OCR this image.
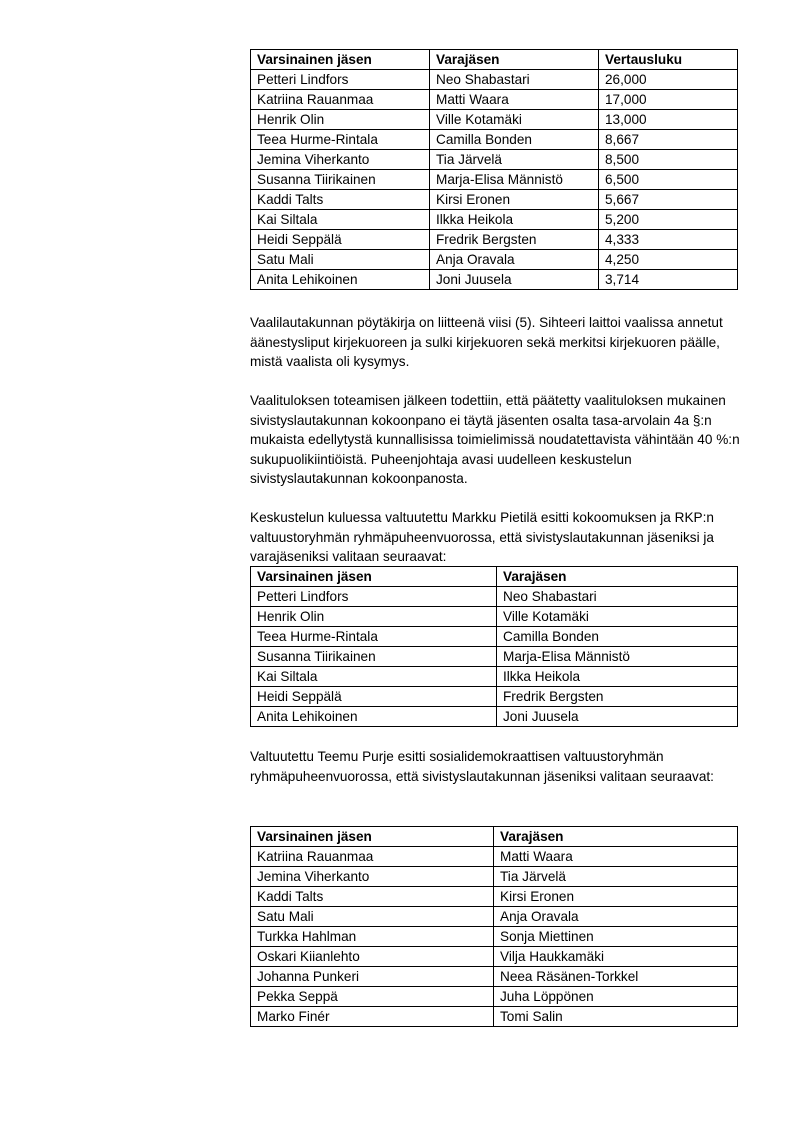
Varsinainen jäsen	Varajäsen	Vertausluku
Petteri Lindfors	Neo Shabastari	26,000
Katriina Rauanmaa	Matti Waara	17,000
Henrik Olin	Ville Kotamäki	13,000
Teea Hurme-Rintala	Camilla Bonden	8,667
Jemina Viherkanto	Tia Järvelä	8,500
Susanna Tiirikainen	Marja-Elisa Männistö	6,500
Kaddi Talts	Kirsi Eronen	5,667
Kai Siltala	Ilkka Heikola	5,200
Heidi Seppälä	Fredrik Bergsten	4,333
Satu Mali	Anja Oravala	4,250
Anita Lehikoinen	Joni Juusela	3,714

Vaalilautakunnan pöytäkirja on liitteenä viisi (5). Sihteeri laittoi vaalissa annetut äänestysliput kirjekuoreen ja sulki kirjekuoren sekä merkitsi kirjekuoren päälle, mistä vaalista oli kysymys.

Vaalituloksen toteamisen jälkeen todettiin, että päätetty vaalituloksen mukainen sivistyslautakunnan kokoonpano ei täytä jäsenten osalta tasa-arvolain 4a §:n mukaista edellytystä kunnallisissa toimielimissä noudatettavista vähintään 40 %:n sukupuolikiintiöistä. Puheenjohtaja avasi uudelleen keskustelun sivistyslautakunnan kokoonpanosta.

Keskustelun kuluessa valtuutettu Markku Pietilä esitti kokoomuksen ja RKP:n valtuustoryhmän ryhmäpuheenvuorossa, että sivistyslautakunnan jäseniksi ja varajäseniksi valitaan seuraavat:

Varsinainen jäsen	Varajäsen
Petteri Lindfors	Neo Shabastari
Henrik Olin	Ville Kotamäki
Teea Hurme-Rintala	Camilla Bonden
Susanna Tiirikainen	Marja-Elisa Männistö
Kai Siltala	Ilkka Heikola
Heidi Seppälä	Fredrik Bergsten
Anita Lehikoinen	Joni Juusela

Valtuutettu Teemu Purje esitti sosialidemokraattisen valtuustoryhmän ryhmäpuheenvuorossa, että sivistyslautakunnan jäseniksi valitaan seuraavat:

Varsinainen jäsen	Varajäsen
Katriina Rauanmaa	Matti Waara
Jemina Viherkanto	Tia Järvelä
Kaddi Talts	Kirsi Eronen
Satu Mali	Anja Oravala
Turkka Hahlman	Sonja Miettinen
Oskari Kiianlehto	Vilja Haukkamäki
Johanna Punkeri	Neea Räsänen-Torkkel
Pekka Seppä	Juha Löppönen
Marko Finér	Tomi Salin
